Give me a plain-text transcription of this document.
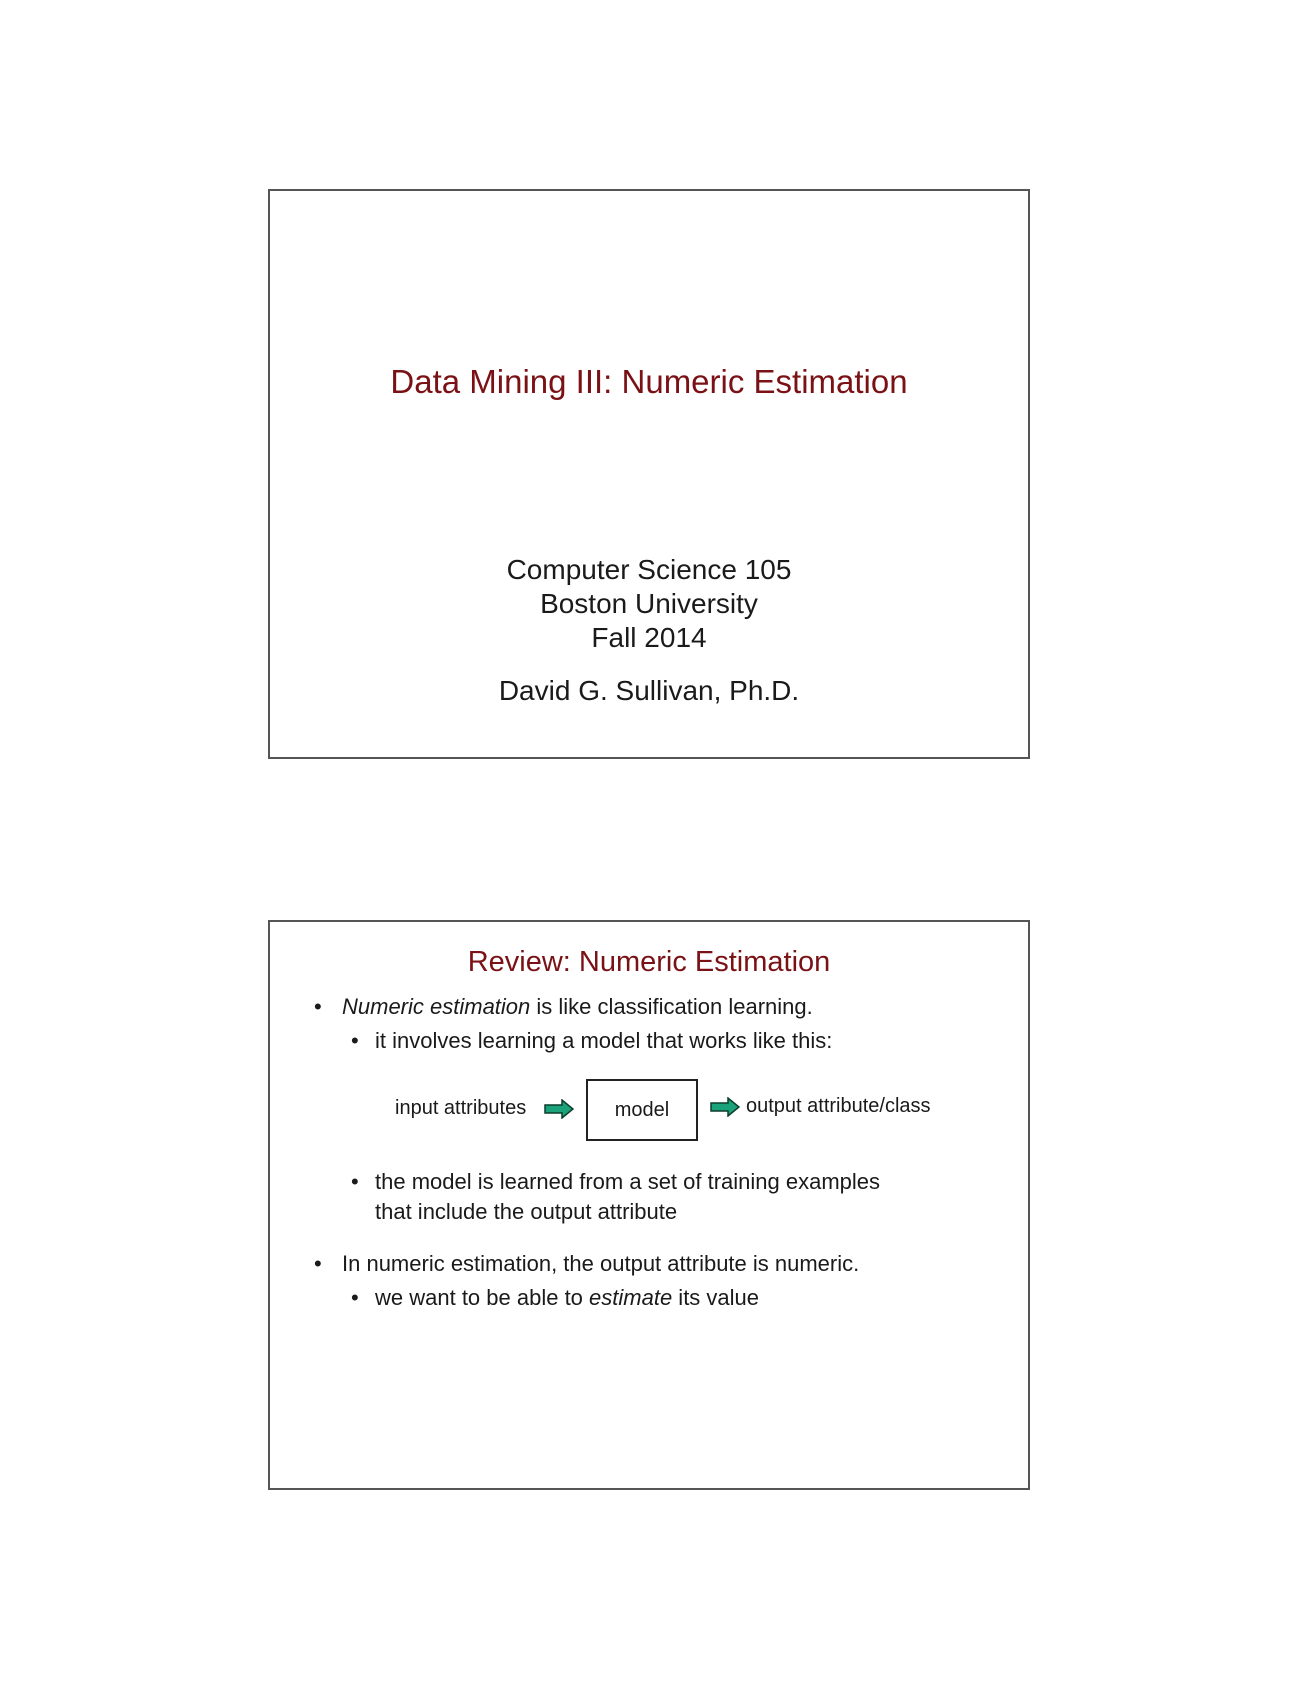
Data Mining III: Numeric Estimation
Computer Science 105
Boston University
Fall 2014
David G. Sullivan, Ph.D.
Review: Numeric Estimation
• Numeric estimation is like classification learning.
• it involves learning a model that works like this:
input attributes	model	output attribute/class
• the model is learned from a set of training examples
that include the output attribute
• In numeric estimation, the output attribute is numeric.
• we want to be able to estimate its value
